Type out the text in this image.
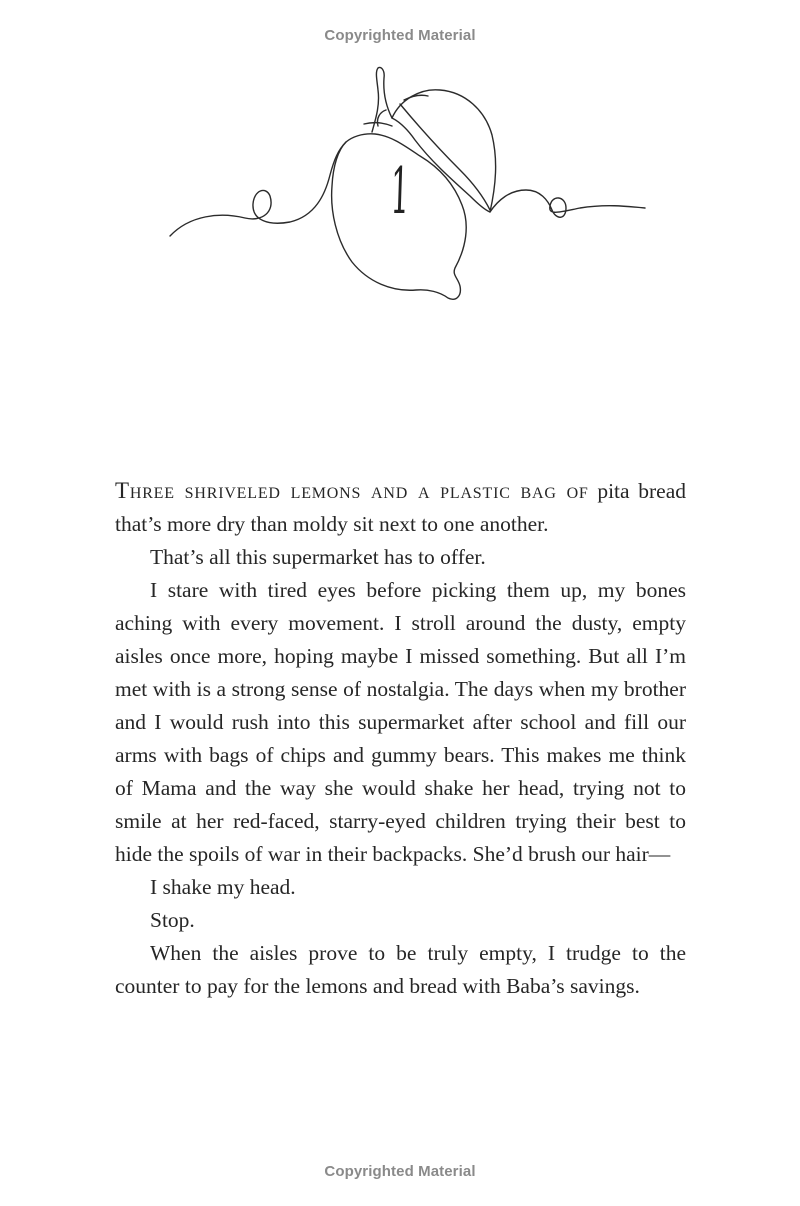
Copyrighted Material
1

Three shriveled lemons and a plastic bag of pita bread that’s more dry than moldy sit next to one another.

That’s all this supermarket has to offer.

I stare with tired eyes before picking them up, my bones aching with every movement. I stroll around the dusty, empty aisles once more, hoping maybe I missed something. But all I’m met with is a strong sense of nostalgia. The days when my brother and I would rush into this supermarket after school and fill our arms with bags of chips and gummy bears. This makes me think of Mama and the way she would shake her head, trying not to smile at her red-faced, starry-eyed children trying their best to hide the spoils of war in their backpacks. She’d brush our hair—

I shake my head.

Stop.

When the aisles prove to be truly empty, I trudge to the counter to pay for the lemons and bread with Baba’s savings.

Copyrighted Material
